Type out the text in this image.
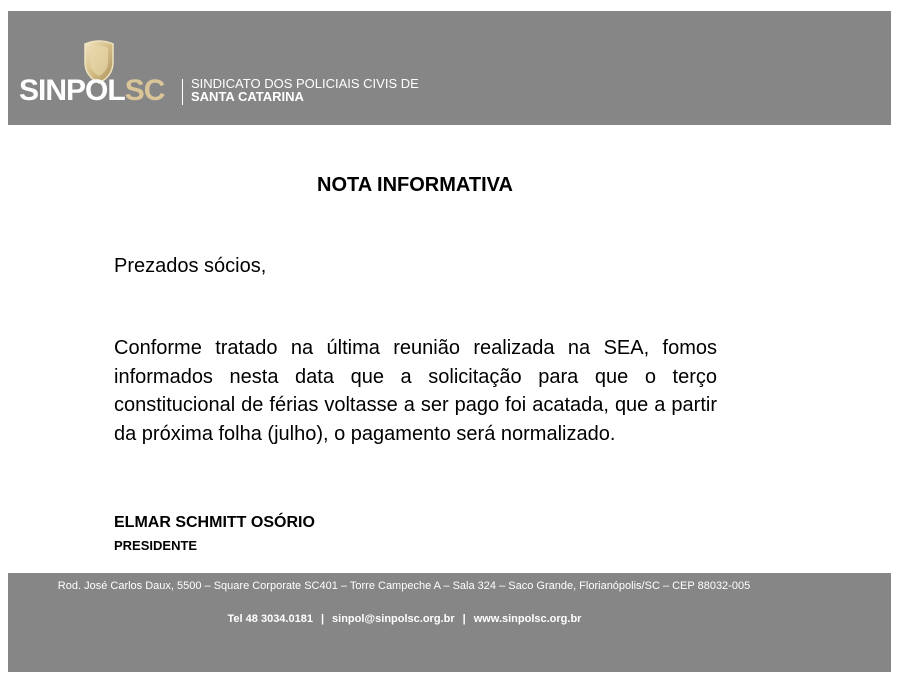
SINPOLSC SINDICATO DOS POLICIAIS CIVIS DE
SANTA CATARINA
NOTA INFORMATIVA
Prezados sócios,
Conforme tratado na última reunião realizada na SEA, fomos informados nesta data que a solicitação para que o terço constitucional de férias voltasse a ser pago foi acatada, que a partir da próxima folha (julho), o pagamento será normalizado.
ELMAR SCHMITT OSÓRIO
PRESIDENTE
Rod. José Carlos Daux, 5500 – Square Corporate SC401 – Torre Campeche A – Sala 324 – Saco Grande, Florianópolis/SC – CEP 88032-005
Tel 48 3034.0181 | sinpol@sinpolsc.org.br | www.sinpolsc.org.br
